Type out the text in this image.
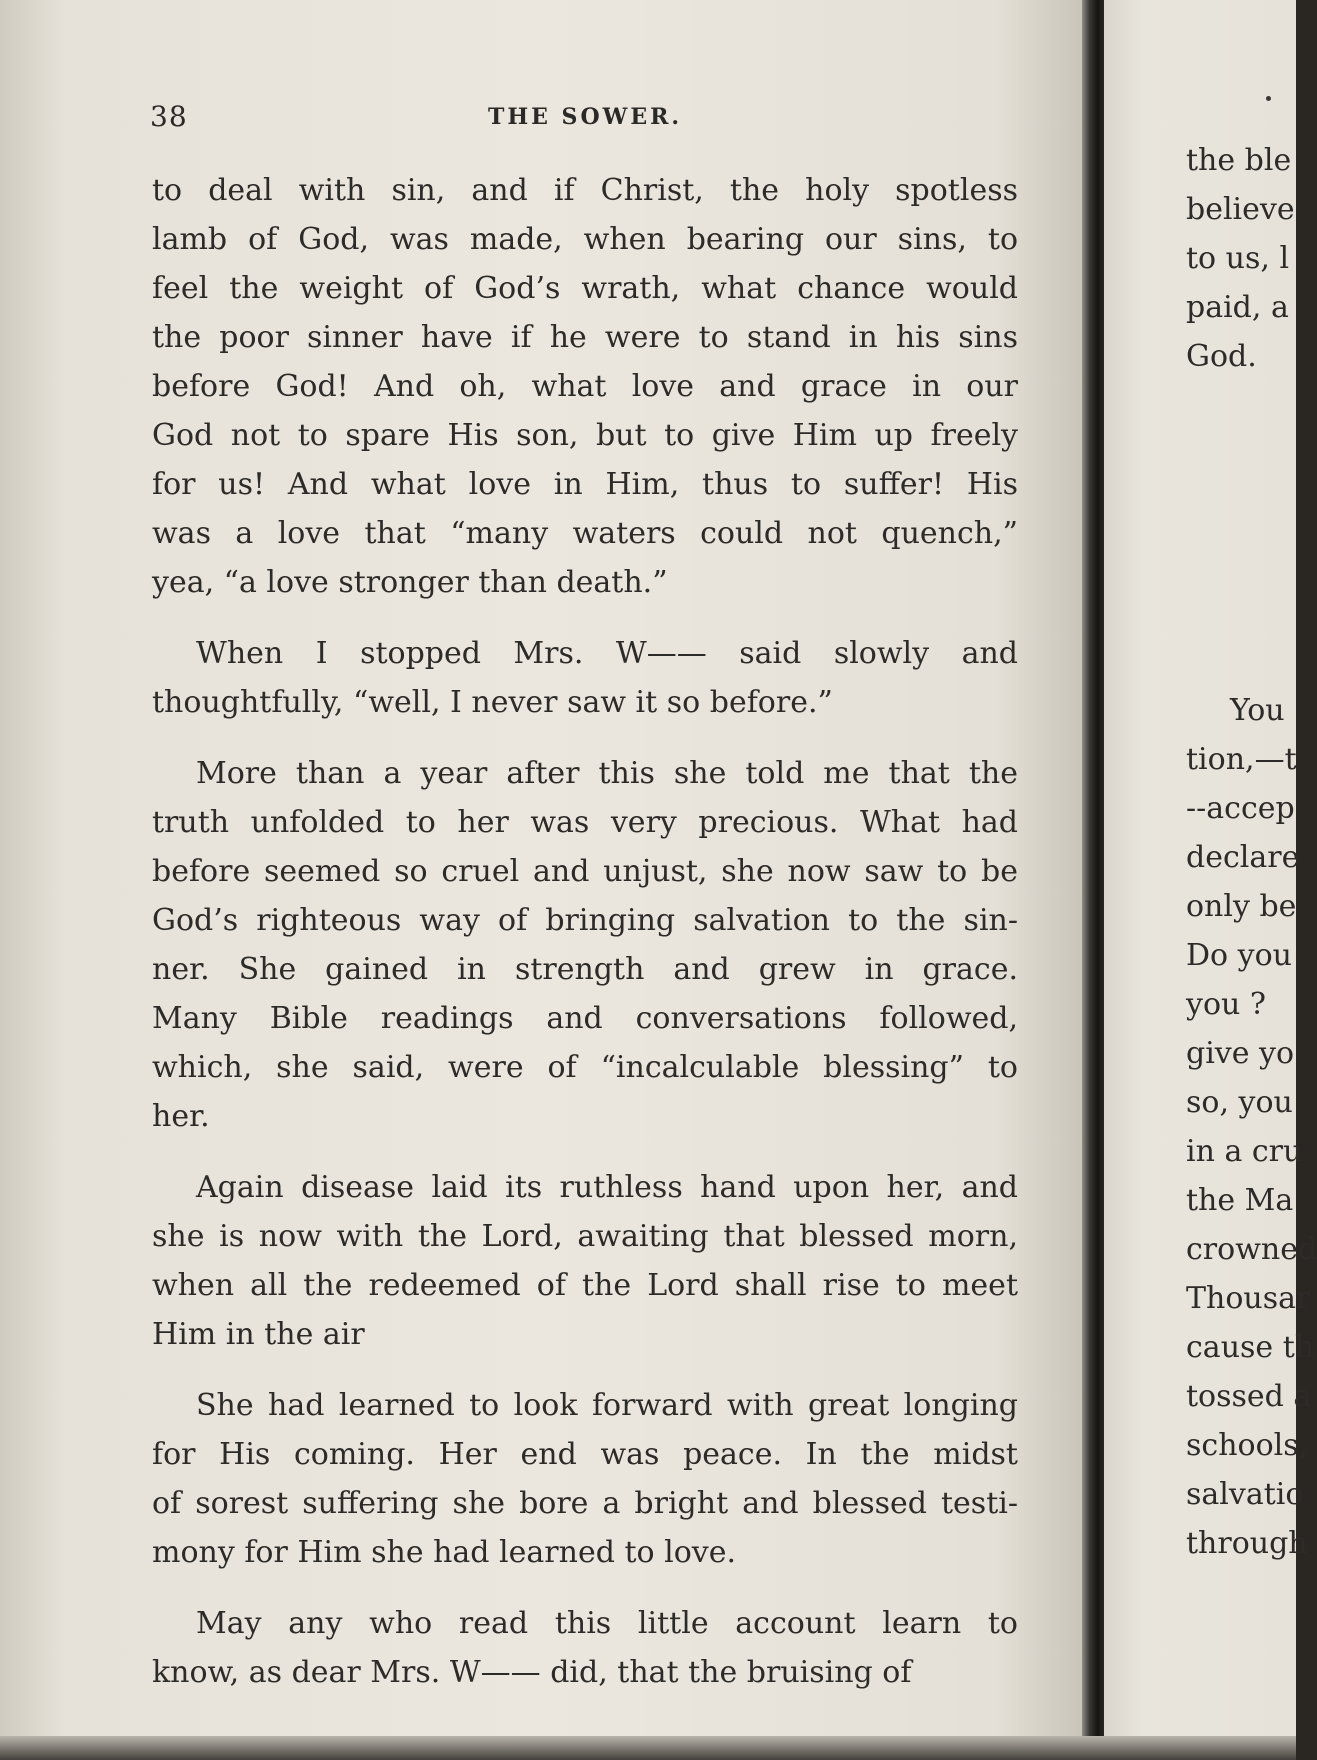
38	THE SOWER.
to deal with sin, and if Christ, the holy spotless
lamb of God, was made, when bearing our sins, to
feel the weight of God’s wrath, what chance would
the poor sinner have if he were to stand in his sins
before God! And oh, what love and grace in our
God not to spare His son, but to give Him up freely
for us! And what love in Him, thus to suffer! His
was a love that “many waters could not quench,”
yea, “a love stronger than death.”
When I stopped Mrs. W—— said slowly and
thoughtfully, “well, I never saw it so before.”
More than a year after this she told me that the
truth unfolded to her was very precious. What had
before seemed so cruel and unjust, she now saw to be
God’s righteous way of bringing salvation to the sin-
ner. She gained in strength and grew in grace.
Many Bible readings and conversations followed,
which, she said, were of “incalculable blessing” to
her.
Again disease laid its ruthless hand upon her, and
she is now with the Lord, awaiting that blessed morn,
when all the redeemed of the Lord shall rise to meet
Him in the air
She had learned to look forward with great longing
for His coming. Her end was peace. In the midst
of sorest suffering she bore a bright and blessed testi-
mony for Him she had learned to love.
May any who read this little account learn to
know, as dear Mrs. W—— did, that the bruising of
the ble
believe
to us, l
paid, a
God.
You
tion,—t
--accep
declare
only be
Do you
you ?
give yo
so, you
in a cru
the Ma
crowned
Thousar
cause th
tossed a
schools,
salvatio
through
